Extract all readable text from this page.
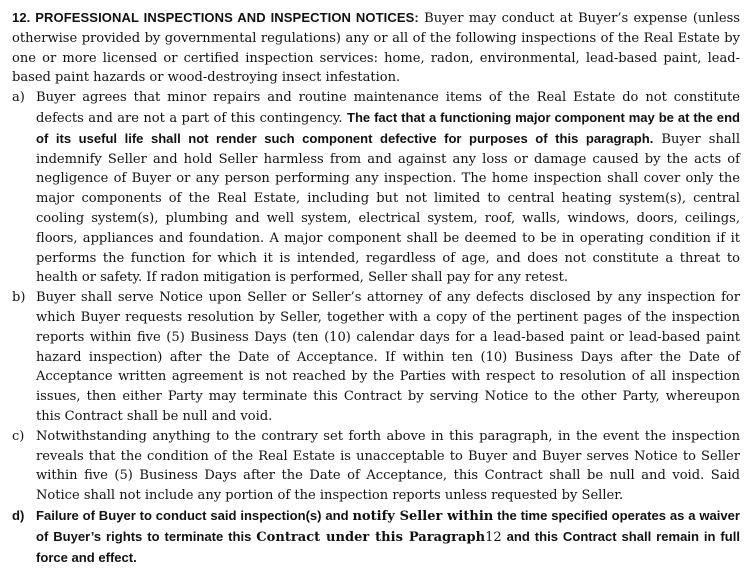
12. PROFESSIONAL INSPECTIONS AND INSPECTION NOTICES: Buyer may conduct at Buyer’s expense (unless otherwise provided by governmental regulations) any or all of the following inspections of the Real Estate by one or more licensed or certified inspection services: home, radon, environmental, lead-based paint, lead-based paint hazards or wood-destroying insect infestation.

a) Buyer agrees that minor repairs and routine maintenance items of the Real Estate do not constitute defects and are not a part of this contingency. The fact that a functioning major component may be at the end of its useful life shall not render such component defective for purposes of this paragraph. Buyer shall indemnify Seller and hold Seller harmless from and against any loss or damage caused by the acts of negligence of Buyer or any person performing any inspection. The home inspection shall cover only the major components of the Real Estate, including but not limited to central heating system(s), central cooling system(s), plumbing and well system, electrical system, roof, walls, windows, doors, ceilings, floors, appliances and foundation. A major component shall be deemed to be in operating condition if it performs the function for which it is intended, regardless of age, and does not constitute a threat to health or safety. If radon mitigation is performed, Seller shall pay for any retest.
b) Buyer shall serve Notice upon Seller or Seller’s attorney of any defects disclosed by any inspection for which Buyer requests resolution by Seller, together with a copy of the pertinent pages of the inspection reports within five (5) Business Days (ten (10) calendar days for a lead-based paint or lead-based paint hazard inspection) after the Date of Acceptance. If within ten (10) Business Days after the Date of Acceptance written agreement is not reached by the Parties with respect to resolution of all inspection issues, then either Party may terminate this Contract by serving Notice to the other Party, whereupon this Contract shall be null and void.
c) Notwithstanding anything to the contrary set forth above in this paragraph, in the event the inspection reveals that the condition of the Real Estate is unacceptable to Buyer and Buyer serves Notice to Seller within five (5) Business Days after the Date of Acceptance, this Contract shall be null and void. Said Notice shall not include any portion of the inspection reports unless requested by Seller.
d) Failure of Buyer to conduct said inspection(s) and notify Seller within the time specified operates as a waiver of Buyer’s rights to terminate this Contract under this Paragraph12 and this Contract shall remain in full force and effect.
